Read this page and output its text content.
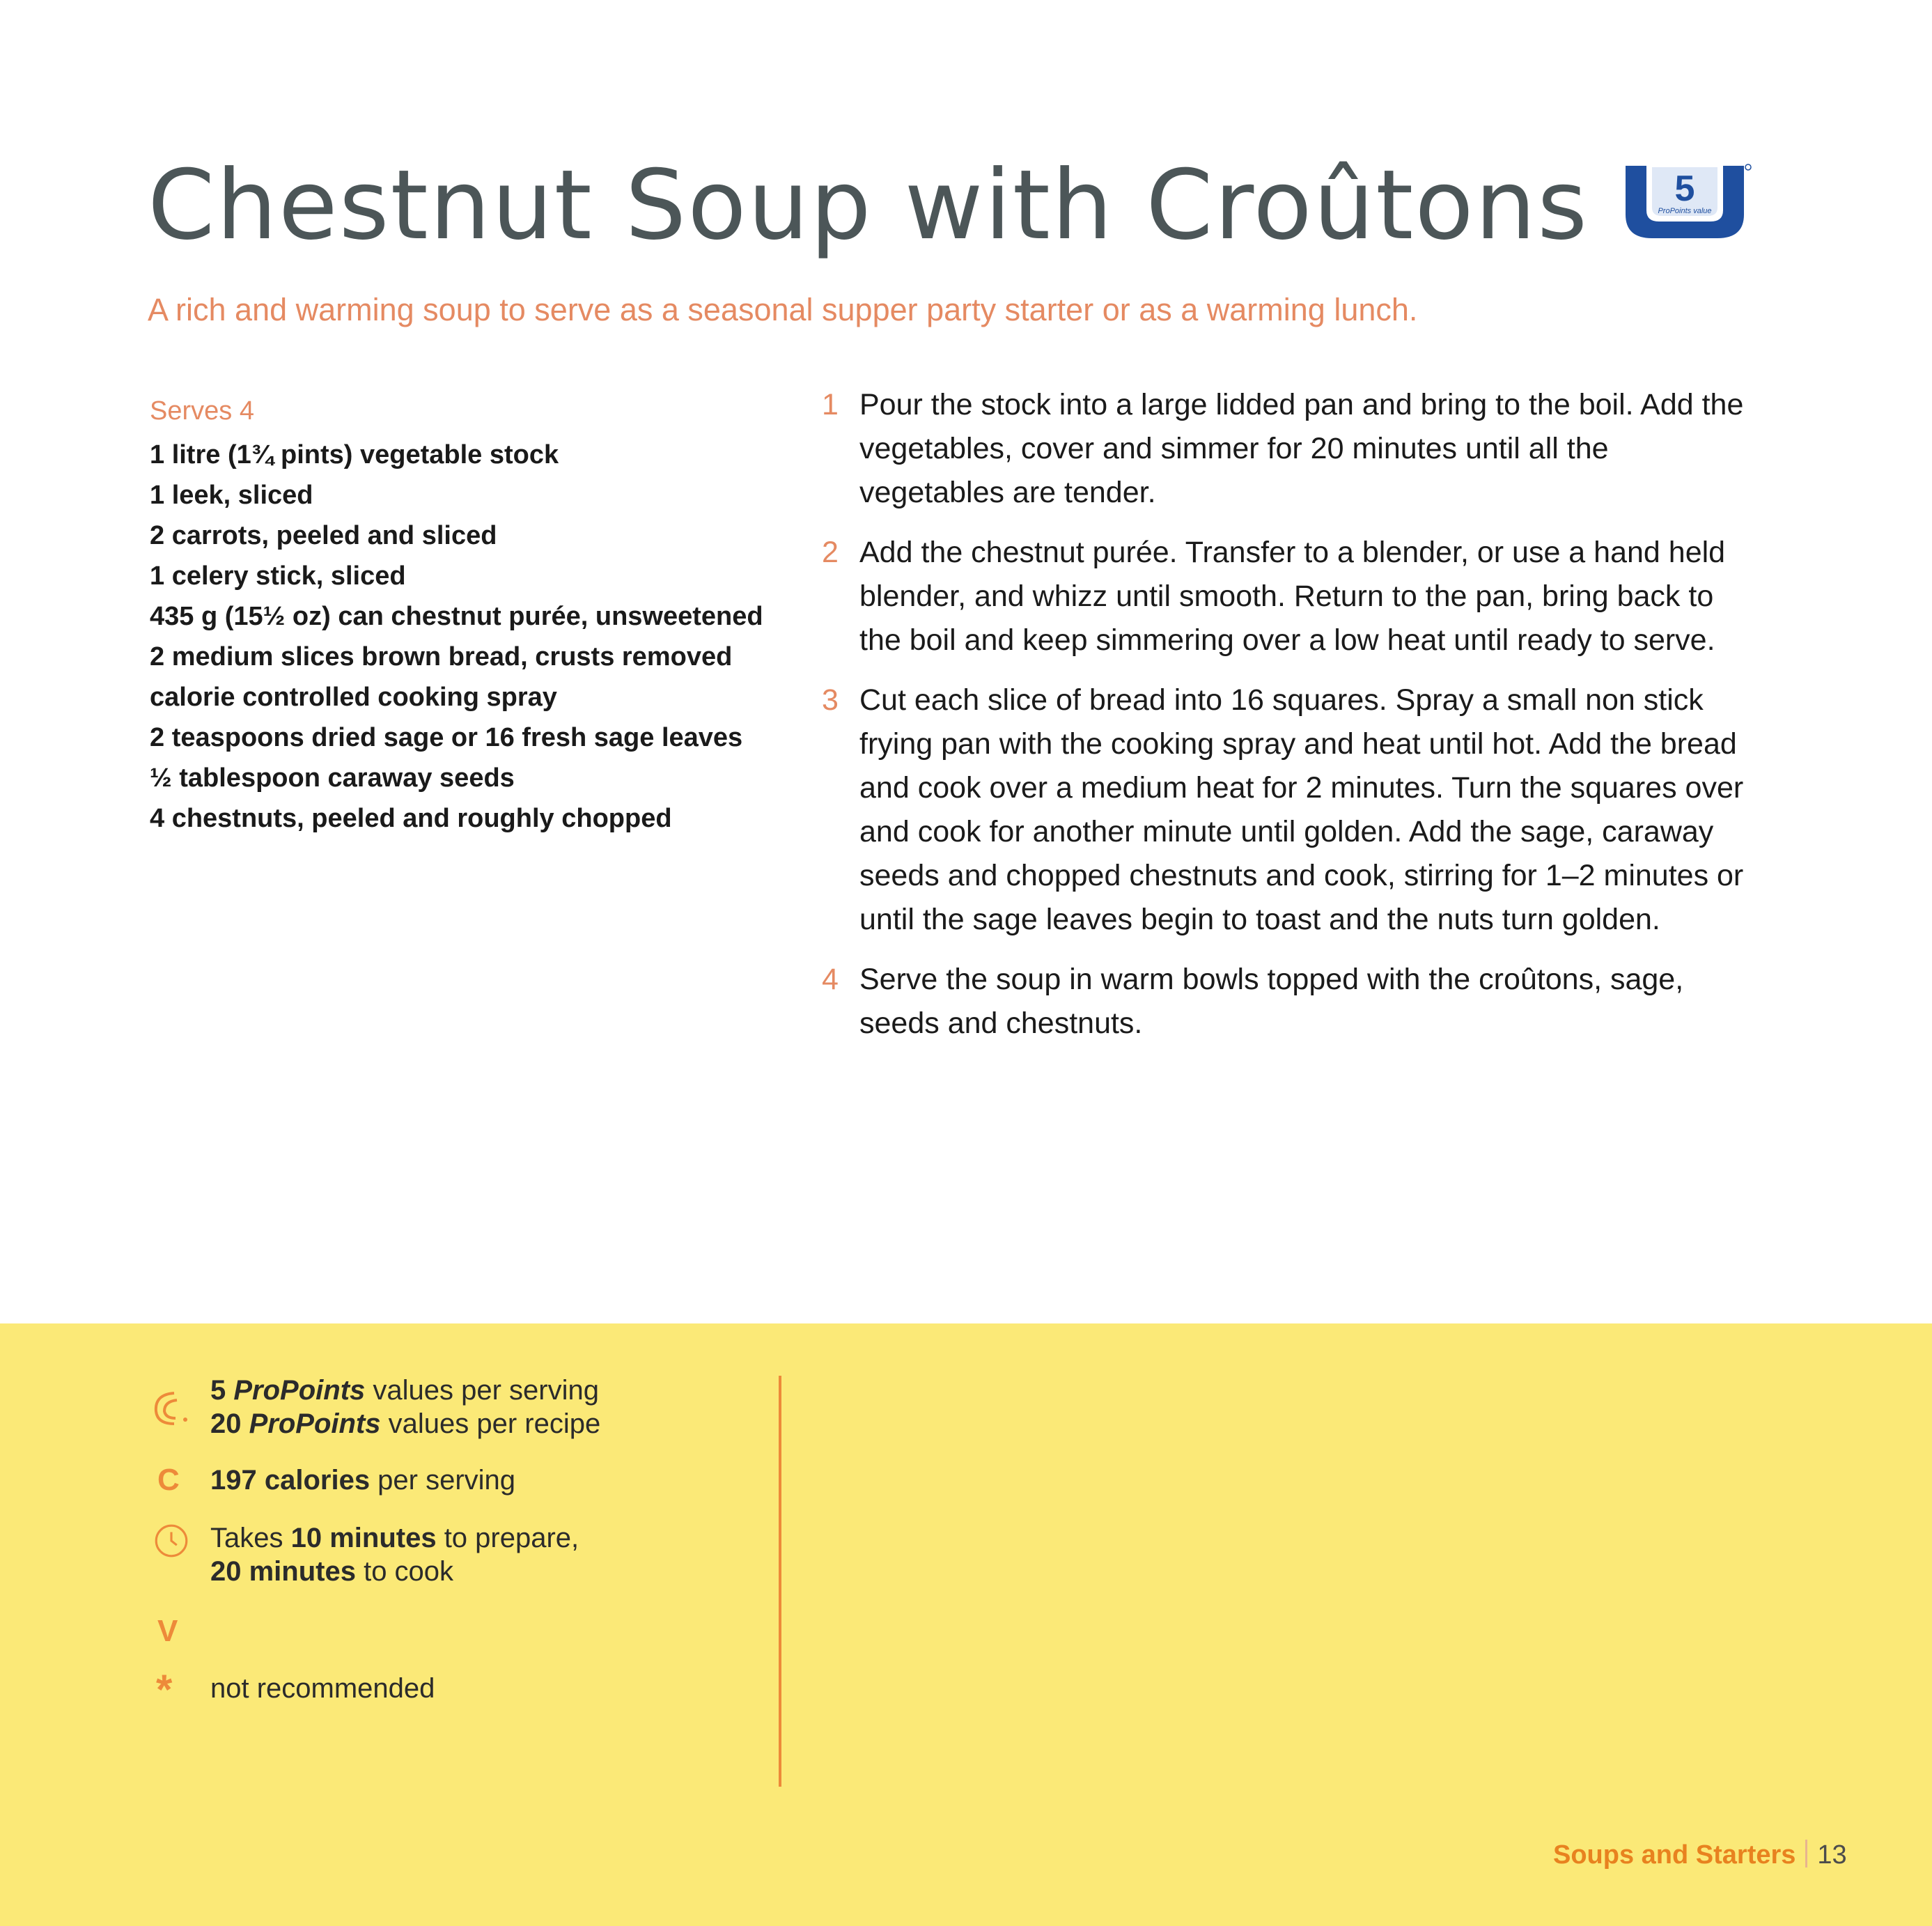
Chestnut Soup with Croûtons 5
ProPoints value

A rich and warming soup to serve as a seasonal supper party starter or as a warming lunch.

Serves 4
1 litre (1¾ pints) vegetable stock
1 leek, sliced
2 carrots, peeled and sliced
1 celery stick, sliced
435 g (15½ oz) can chestnut purée, unsweetened
2 medium slices brown bread, crusts removed
calorie controlled cooking spray
2 teaspoons dried sage or 16 fresh sage leaves
½ tablespoon caraway seeds
4 chestnuts, peeled and roughly chopped
1 Pour the stock into a large lidded pan and bring to the boil. Add the vegetables, cover and simmer for 20 minutes until all the vegetables are tender.
2 Add the chestnut purée. Transfer to a blender, or use a hand held blender, and whizz until smooth. Return to the pan, bring back to the boil and keep simmering over a low heat until ready to serve.
3 Cut each slice of bread into 16 squares. Spray a small non stick frying pan with the cooking spray and heat until hot. Add the bread and cook over a medium heat for 2 minutes. Turn the squares over and cook for another minute until golden. Add the sage, caraway seeds and chopped chestnuts and cook, stirring for 1–2 minutes or until the sage leaves begin to toast and the nuts turn golden.
4 Serve the soup in warm bowls topped with the croûtons, sage, seeds and chestnuts.
5 ProPoints values per serving
20 ProPoints values per recipe
C 197 calories per serving
Takes 10 minutes to prepare,
20 minutes to cook
V
* not recommended
Soups and Starters 13
